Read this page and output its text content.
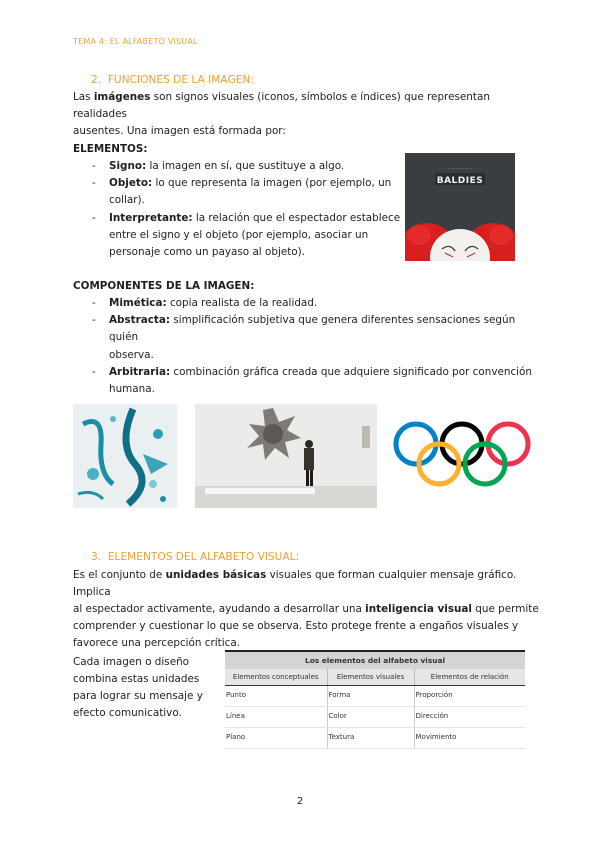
TEMA 4: EL ALFABETO VISUAL
2.  FUNCIONES DE LA IMAGEN:
Las imágenes son signos visuales (iconos, símbolos e índices) que representan realidades
ausentes. Una imagen está formada por:
ELEMENTOS:
- Signo: la imagen en sí, que sustituye a algo.
- Objeto: lo que representa la imagen (por ejemplo, un
collar).
- Interpretante: la relación que el espectador establece
entre el signo y el objeto (por ejemplo, asociar un
personaje como un payaso al objeto).
— — — — — —
BALDIES
COMPONENTES DE LA IMAGEN:
- Mimética: copia realista de la realidad.
- Abstracta: simplificación subjetiva que genera diferentes sensaciones según quién
observa.
- Arbitraria: combinación gráfica creada que adquiere significado por convención
humana.
3.  ELEMENTOS DEL ALFABETO VISUAL:
Es el conjunto de unidades básicas visuales que forman cualquier mensaje gráfico. Implica
al espectador activamente, ayudando a desarrollar una inteligencia visual que permite
comprender y cuestionar lo que se observa. Esto protege frente a engaños visuales y
favorece una percepción crítica.
Cada imagen o diseño
combina estas unidades
para lograr su mensaje y
efecto comunicativo.
Los elementos del alfabeto visual		
Elementos conceptuales	Elementos visuales	Elementos de relación
Punto	Forma	Proporción
Línea	Color	Dirección
Plano	Textura	Movimiento
2
